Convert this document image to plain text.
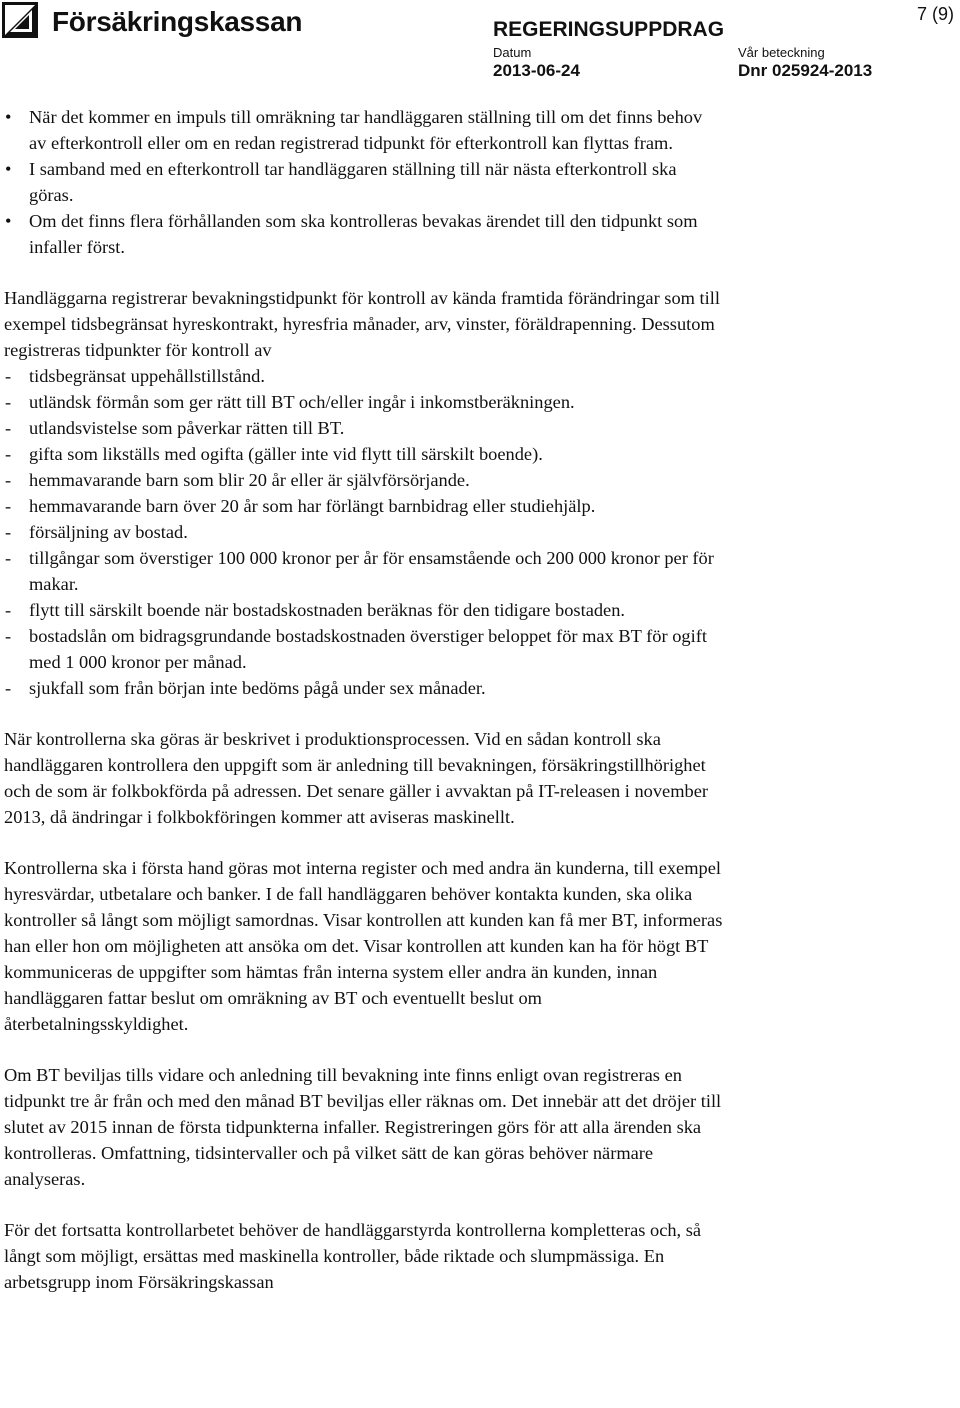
Försäkringskassan	REGERINGSUPPDRAG
7 (9)
Datum
2013-06-24
Vår beteckning
Dnr 025924-2013
• När det kommer en impuls till omräkning tar handläggaren ställning till om det finns behov av efterkontroll eller om en redan registrerad tidpunkt för efterkontroll kan flyttas fram.
• I samband med en efterkontroll tar handläggaren ställning till när nästa efterkontroll ska göras.
• Om det finns flera förhållanden som ska kontrolleras bevakas ärendet till den tidpunkt som infaller först.

Handläggarna registrerar bevakningstidpunkt för kontroll av kända framtida förändringar som till exempel tidsbegränsat hyreskontrakt, hyresfria månader, arv, vinster, föräldrapenning. Dessutom registreras tidpunkter för kontroll av

- tidsbegränsat uppehållstillstånd.
- utländsk förmån som ger rätt till BT och/eller ingår i inkomstberäkningen.
- utlandsvistelse som påverkar rätten till BT.
- gifta som likställs med ogifta (gäller inte vid flytt till särskilt boende).
- hemmavarande barn som blir 20 år eller är självförsörjande.
- hemmavarande barn över 20 år som har förlängt barnbidrag eller studiehjälp.
- försäljning av bostad.
- tillgångar som överstiger 100 000 kronor per år för ensamstående och 200 000 kronor per för makar.
- flytt till särskilt boende när bostadskostnaden beräknas för den tidigare bostaden.
- bostadslån om bidragsgrundande bostadskostnaden överstiger beloppet för max BT för ogift med 1 000 kronor per månad.
- sjukfall som från början inte bedöms pågå under sex månader.

När kontrollerna ska göras är beskrivet i produktionsprocessen. Vid en sådan kontroll ska handläggaren kontrollera den uppgift som är anledning till bevakningen, försäkringstillhörighet och de som är folkbokförda på adressen. Det senare gäller i avvaktan på IT-releasen i november 2013, då ändringar i folkbokföringen kommer att aviseras maskinellt.

Kontrollerna ska i första hand göras mot interna register och med andra än kunderna, till exempel hyresvärdar, utbetalare och banker. I de fall handläggaren behöver kontakta kunden, ska olika kontroller så långt som möjligt samordnas. Visar kontrollen att kunden kan få mer BT, informeras han eller hon om möjligheten att ansöka om det. Visar kontrollen att kunden kan ha för högt BT kommuniceras de uppgifter som hämtas från interna system eller andra än kunden, innan handläggaren fattar beslut om omräkning av BT och eventuellt beslut om återbetalningsskyldighet.

Om BT beviljas tills vidare och anledning till bevakning inte finns enligt ovan registreras en tidpunkt tre år från och med den månad BT beviljas eller räknas om. Det innebär att det dröjer till slutet av 2015 innan de första tidpunkterna infaller. Registreringen görs för att alla ärenden ska kontrolleras. Omfattning, tidsintervaller och på vilket sätt de kan göras behöver närmare analyseras.

För det fortsatta kontrollarbetet behöver de handläggarstyrda kontrollerna kompletteras och, så långt som möjligt, ersättas med maskinella kontroller, både riktade och slumpmässiga. En arbetsgrupp inom Försäkringskassan
